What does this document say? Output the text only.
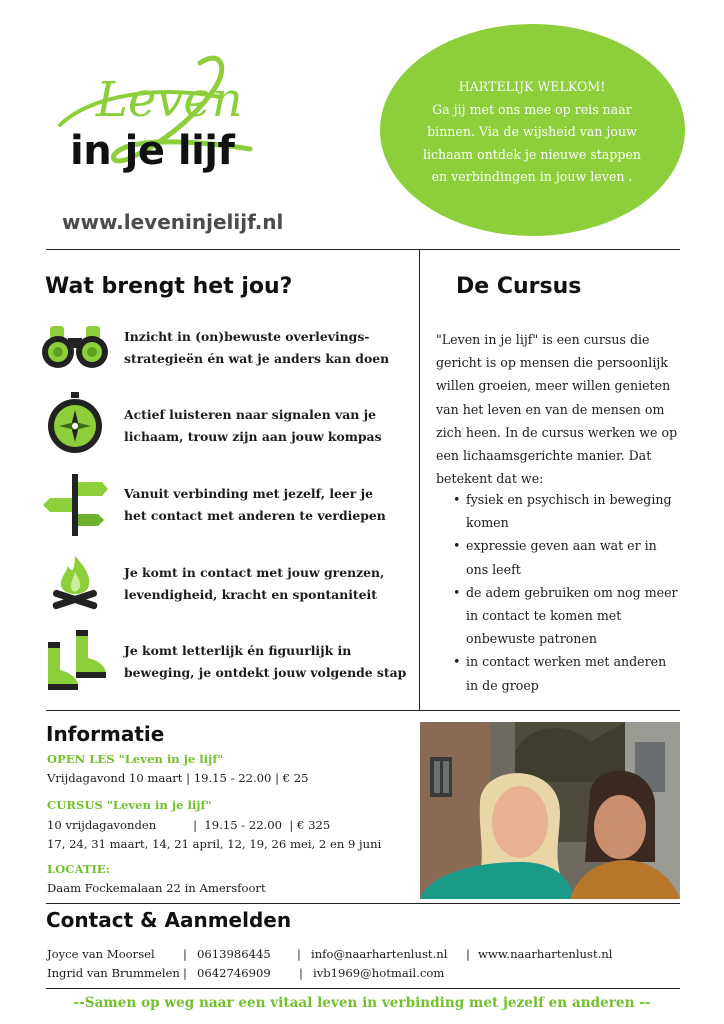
Leven
in je lijf
www.leveninjelijf.nl
HARTELIJK WELKOM!
Ga jij met ons mee op reis naar
binnen. Via de wijsheid van jouw
lichaam ontdek je nieuwe stappen
en verbindingen in jouw leven .
Wat brengt het jou?
Inzicht in (on)bewuste overlevings-
strategieën én wat je anders kan doen
Actief luisteren naar signalen van je
lichaam, trouw zijn aan jouw kompas
Vanuit verbinding met jezelf, leer je
het contact met anderen te verdiepen
Je komt in contact met jouw grenzen,
levendigheid, kracht en spontaniteit
Je komt letterlijk én figuurlijk in
beweging, je ontdekt jouw volgende stap
De Cursus
"Leven in je lijf" is een cursus die
gericht is op mensen die persoonlijk
willen groeien, meer willen genieten
van het leven en van de mensen om
zich heen. In de cursus werken we op
een lichaamsgerichte manier. Dat
betekent dat we:
• fysiek en psychisch in beweging
komen
• expressie geven aan wat er in
ons leeft
• de adem gebruiken om nog meer
in contact te komen met
onbewuste patronen
• in contact werken met anderen
in de groep
Informatie
OPEN LES "Leven in je lijf"
Vrijdagavond 10 maart | 19.15 - 22.00 | € 25
CURSUS "Leven in je lijf"
10 vrijdagavonden          |  19.15 - 22.00  | € 325
17, 24, 31 maart, 14, 21 april, 12, 19, 26 mei, 2 en 9 juni
LOCATIE:
Daam Fockemalaan 22 in Amersfoort
Contact & Aanmelden
Joyce van Moorsel | 0613986445 | info@naarhartenlust.nl | www.naarhartenlust.nl
Ingrid van Brummelen | 0642746909 | ivb1969@hotmail.com
--Samen op weg naar een vitaal leven in verbinding met jezelf en anderen --
